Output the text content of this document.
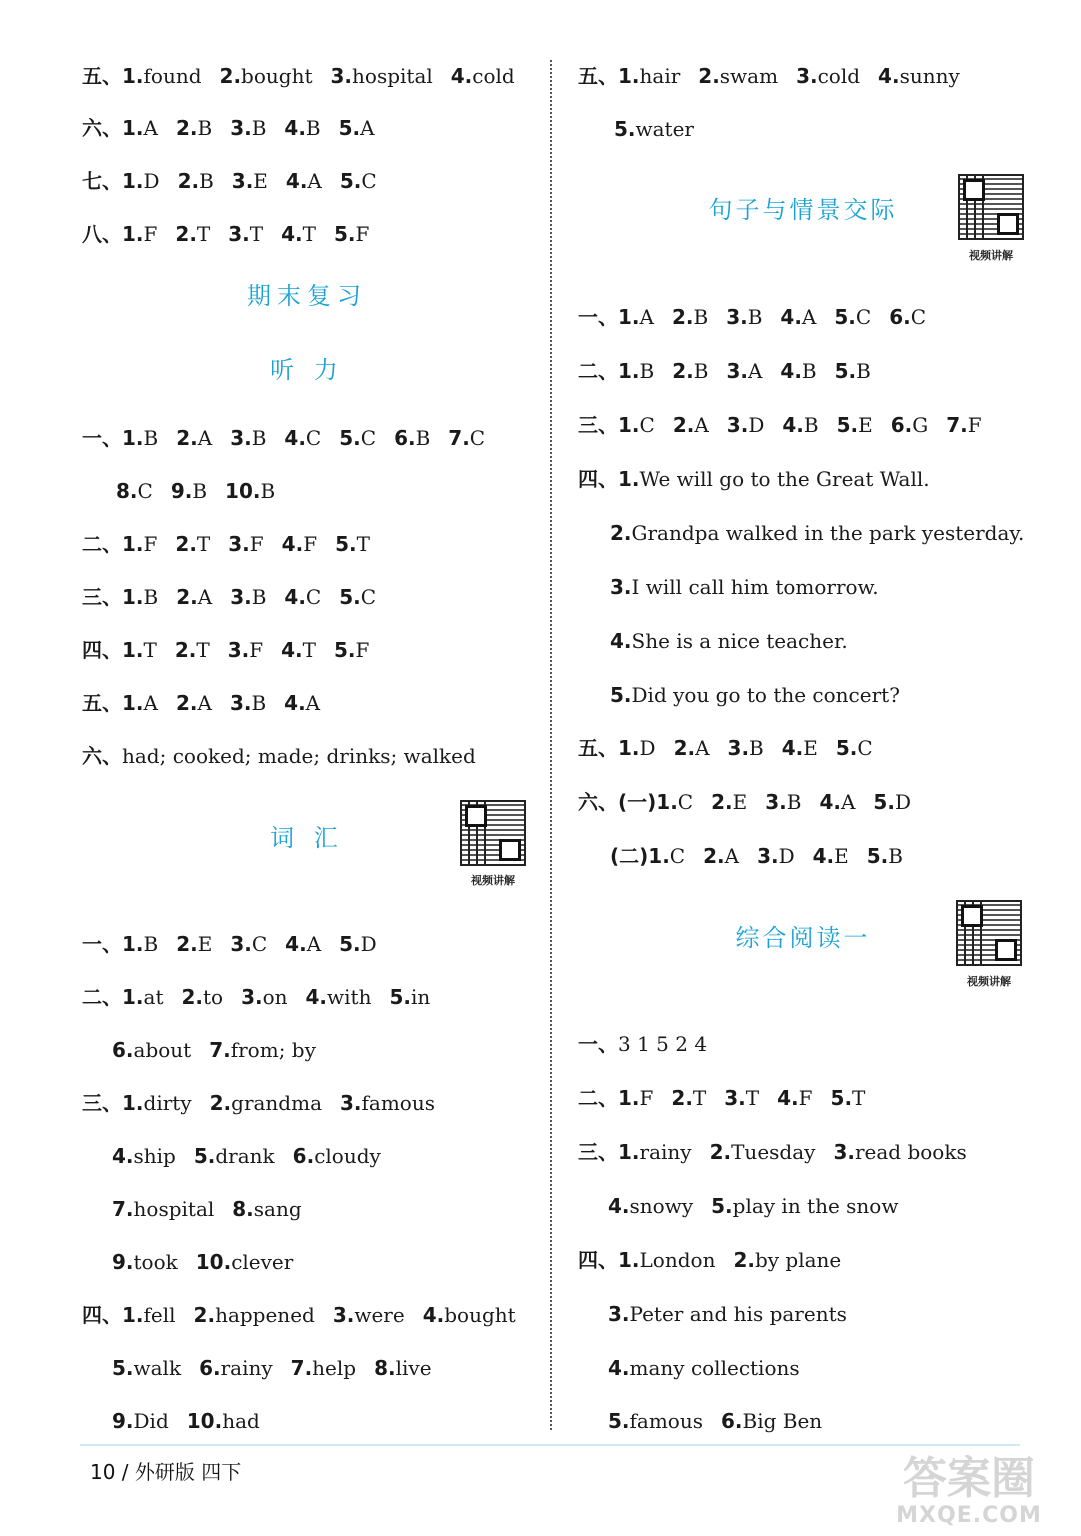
五、1.found 2.bought 3.hospital 4.cold
六、1.A 2.B 3.B 4.B 5.A
七、1.D 2.B 3.E 4.A 5.C
八、1.F 2.T 3.T 4.T 5.F
期末复习
听 力
一、1.B 2.A 3.B 4.C 5.C 6.B 7.C
8.C 9.B 10.B
二、1.F 2.T 3.F 4.F 5.T
三、1.B 2.A 3.B 4.C 5.C
四、1.T 2.T 3.F 4.T 5.F
五、1.A 2.A 3.B 4.A
六、had; cooked; made; drinks; walked
词 汇
视频讲解
一、1.B 2.E 3.C 4.A 5.D
二、1.at 2.to 3.on 4.with 5.in
6.about 7.from; by
三、1.dirty 2.grandma 3.famous
4.ship 5.drank 6.cloudy
7.hospital 8.sang
9.took 10.clever
四、1.fell 2.happened 3.were 4.bought
5.walk 6.rainy 7.help 8.live
9.Did 10.had
五、1.hair 2.swam 3.cold 4.sunny
5.water
句子与情景交际
视频讲解
一、1.A 2.B 3.B 4.A 5.C 6.C
二、1.B 2.B 3.A 4.B 5.B
三、1.C 2.A 3.D 4.B 5.E 6.G 7.F
四、1.We will go to the Great Wall.
2.Grandpa walked in the park yesterday.
3.I will call him tomorrow.
4.She is a nice teacher.
5.Did you go to the concert?
五、1.D 2.A 3.B 4.E 5.C
六、(一)1.C 2.E 3.B 4.A 5.D
(二)1.C 2.A 3.D 4.E 5.B
综合阅读一
视频讲解
一、3 1 5 2 4
二、1.F 2.T 3.T 4.F 5.T
三、1.rainy 2.Tuesday 3.read books
4.snowy 5.play in the snow
四、1.London 2.by plane
3.Peter and his parents
4.many collections
5.famous 6.Big Ben
10 / 外研版 四下	答案圈
MXQE.COM
